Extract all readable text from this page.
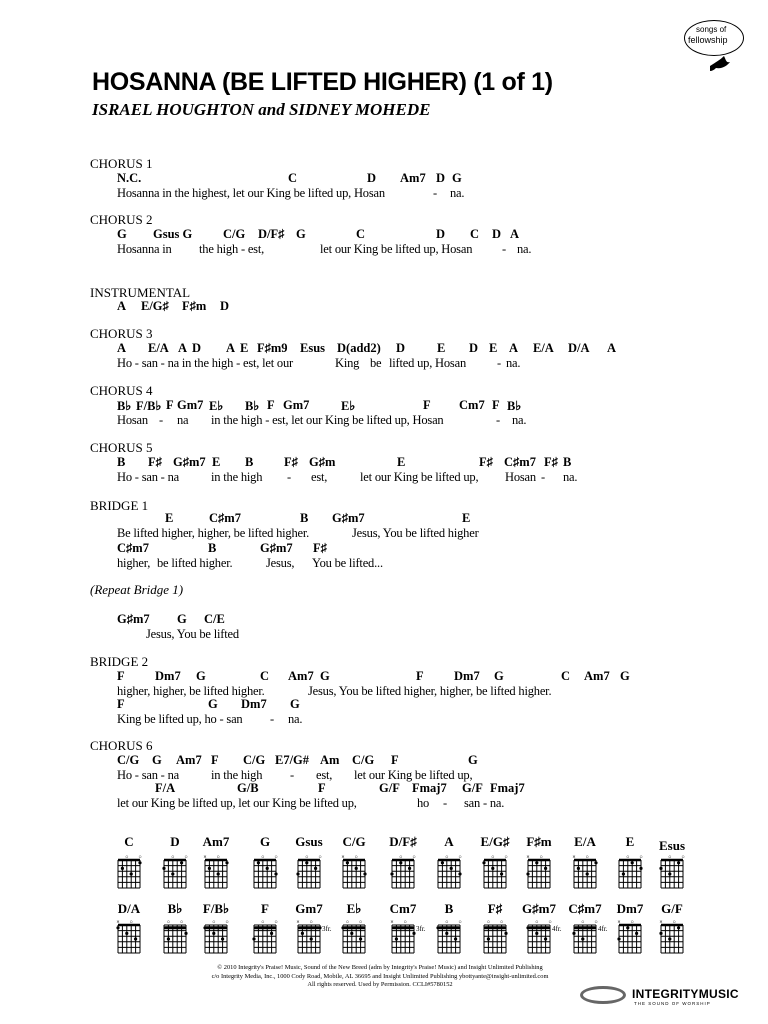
songs of
fellowship
HOSANNA (BE LIFTED HIGHER) (1 of 1)
ISRAEL HOUGHTON and SIDNEY MOHEDE
CHORUS 1
N.C.	C	D Am7 D G
Hosanna in the highest, let our King be lifted up, Hosan	- na.
CHORUS 2
G Gsus G C/G D/F♯ G	C	D C D A
Hosanna in the high - est,	let our King be lifted up, Hosan - na.
INSTRUMENTAL
A E/G♯ F♯m D
CHORUS 3
A E/A A D A E F♯m9 Esus D(add2) D	E D E A E/A D/A A
Ho - san - na in the high - est, let our	King be lifted up, Hosan - na.
CHORUS 4
B♭ F/B♭ F Gm7 E♭ B♭ F Gm7	E♭	F Cm7 F B♭
Hosan - na in the high - est, let our King be lifted up, Hosan	- na.
CHORUS 5
B F♯ G♯m7 E B F♯ G♯m	E	F♯ C♯m7 F♯ B
Ho - san - na	in the high - est,	let our King be lifted up, Hosan - na.
BRIDGE 1
E	C♯m7	B G♯m7	E
Be lifted higher, higher, be lifted higher.	Jesus, You be lifted higher
C♯m7	B	G♯m7 F♯
higher, be lifted higher.	Jesus, You be lifted...
(Repeat Bridge 1)
G♯m7 G C/E
Jesus, You be lifted
BRIDGE 2
F Dm7 G	C Am7 G	F Dm7 G	C Am7 G
higher, higher, be lifted higher.	Jesus, You be lifted higher, higher, be lifted higher.
F	G Dm7 G
King be lifted up, ho - san - na.
CHORUS 6
C/G G Am7 F C/G E7/G# Am C/G F	G
Ho - san - na	in the high - est, let our King be lifted up,
F/A	G/B	F	G/F Fmaj7 G/F Fmaj7
let our King be lifted up, let our King be lifted up,	ho - san - na.
C
○ ○
D
○ ○
Am7
× ○
G
○ ○
Gsus
○ ○
C/G
× ○
D/F♯
○ ○
A
○ ○
E/G♯
○ ○
F♯m
× ○
E/A
× ○
E
○ ○
Esus
○ ○
D/A
× ○
B♭
○ ○
F/B♭
○ ○
F
○ ○
Gm7
× ○
3fr.
E♭
○ ○
Cm7
× ○
3fr.
B
○ ○
F♯
○ ○
G♯m7
○ ○
4fr.
C♯m7
○ ○
4fr.
Dm7
× ○
G/F
× ○
© 2010 Integrity's Praise! Music, Sound of the New Breed (adm by Integrity's Praise! Music) and Insight Unlimited Publishing
c/o Integrity Media, Inc., 1000 Cody Road, Mobile, AL 36695 and Insight Unlimited Publishing ybottyante@insight-unlimited.com
All rights reserved. Used by Permission. CCLI#5780152
INTEGRITYMUSIC
THE SOUND OF WORSHIP
